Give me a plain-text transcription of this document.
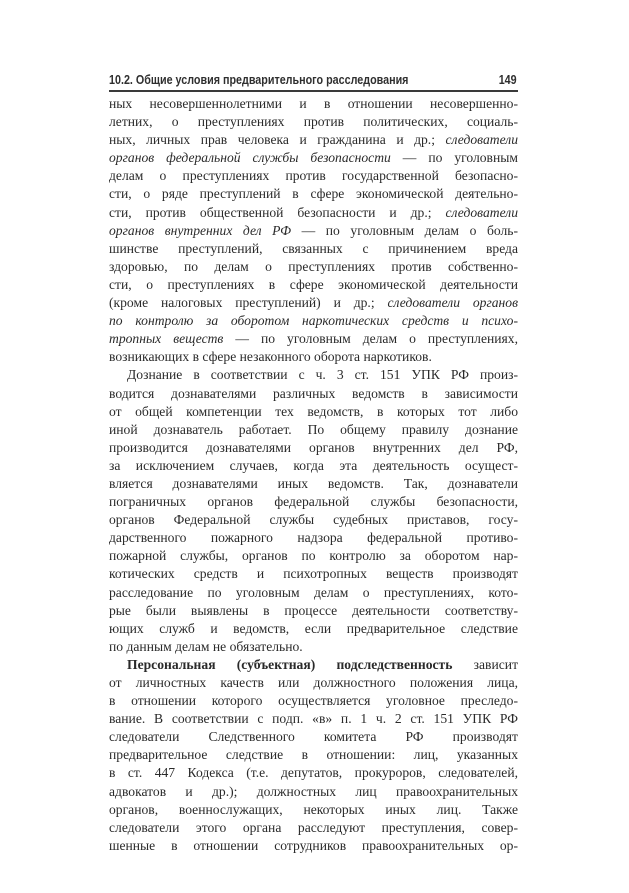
10.2. Общие условия предварительного расследования	149
ных несовершеннолетними и в отношении несовершенно-
летних, о преступлениях против политических, социаль-
ных, личных прав человека и гражданина и др.; следователи
органов федеральной службы безопасности — по уголовным
делам о преступлениях против государственной безопасно-
сти, о ряде преступлений в сфере экономической деятельно-
сти, против общественной безопасности и др.; следователи
органов внутренних дел РФ — по уголовным делам о боль-
шинстве преступлений, связанных с причинением вреда
здоровью, по делам о преступлениях против собственно-
сти, о преступлениях в сфере экономической деятельности
(кроме налоговых преступлений) и др.; следователи органов
по контролю за оборотом наркотических средств и психо-
тропных веществ — по уголовным делам о преступлениях,
возникающих в сфере незаконного оборота наркотиков.
Дознание в соответствии с ч. 3 ст. 151 УПК РФ произ-
водится дознавателями различных ведомств в зависимости
от общей компетенции тех ведомств, в которых тот либо
иной дознаватель работает. По общему правилу дознание
производится дознавателями органов внутренних дел РФ,
за исключением случаев, когда эта деятельность осущест-
вляется дознавателями иных ведомств. Так, дознаватели
пограничных органов федеральной службы безопасности,
органов Федеральной службы судебных приставов, госу-
дарственного пожарного надзора федеральной противо-
пожарной службы, органов по контролю за оборотом нар-
котических средств и психотропных веществ производят
расследование по уголовным делам о преступлениях, кото-
рые были выявлены в процессе деятельности соответству-
ющих служб и ведомств, если предварительное следствие
по данным делам не обязательно.
Персональная (субъектная) подследственность зависит
от личностных качеств или должностного положения лица,
в отношении которого осуществляется уголовное преследо-
вание. В соответствии с подп. «в» п. 1 ч. 2 ст. 151 УПК РФ
следователи Следственного комитета РФ производят
предварительное следствие в отношении: лиц, указанных
в ст. 447 Кодекса (т.е. депутатов, прокуроров, следователей,
адвокатов и др.); должностных лиц правоохранительных
органов, военнослужащих, некоторых иных лиц. Также
следователи этого органа расследуют преступления, совер-
шенные в отношении сотрудников правоохранительных ор-
